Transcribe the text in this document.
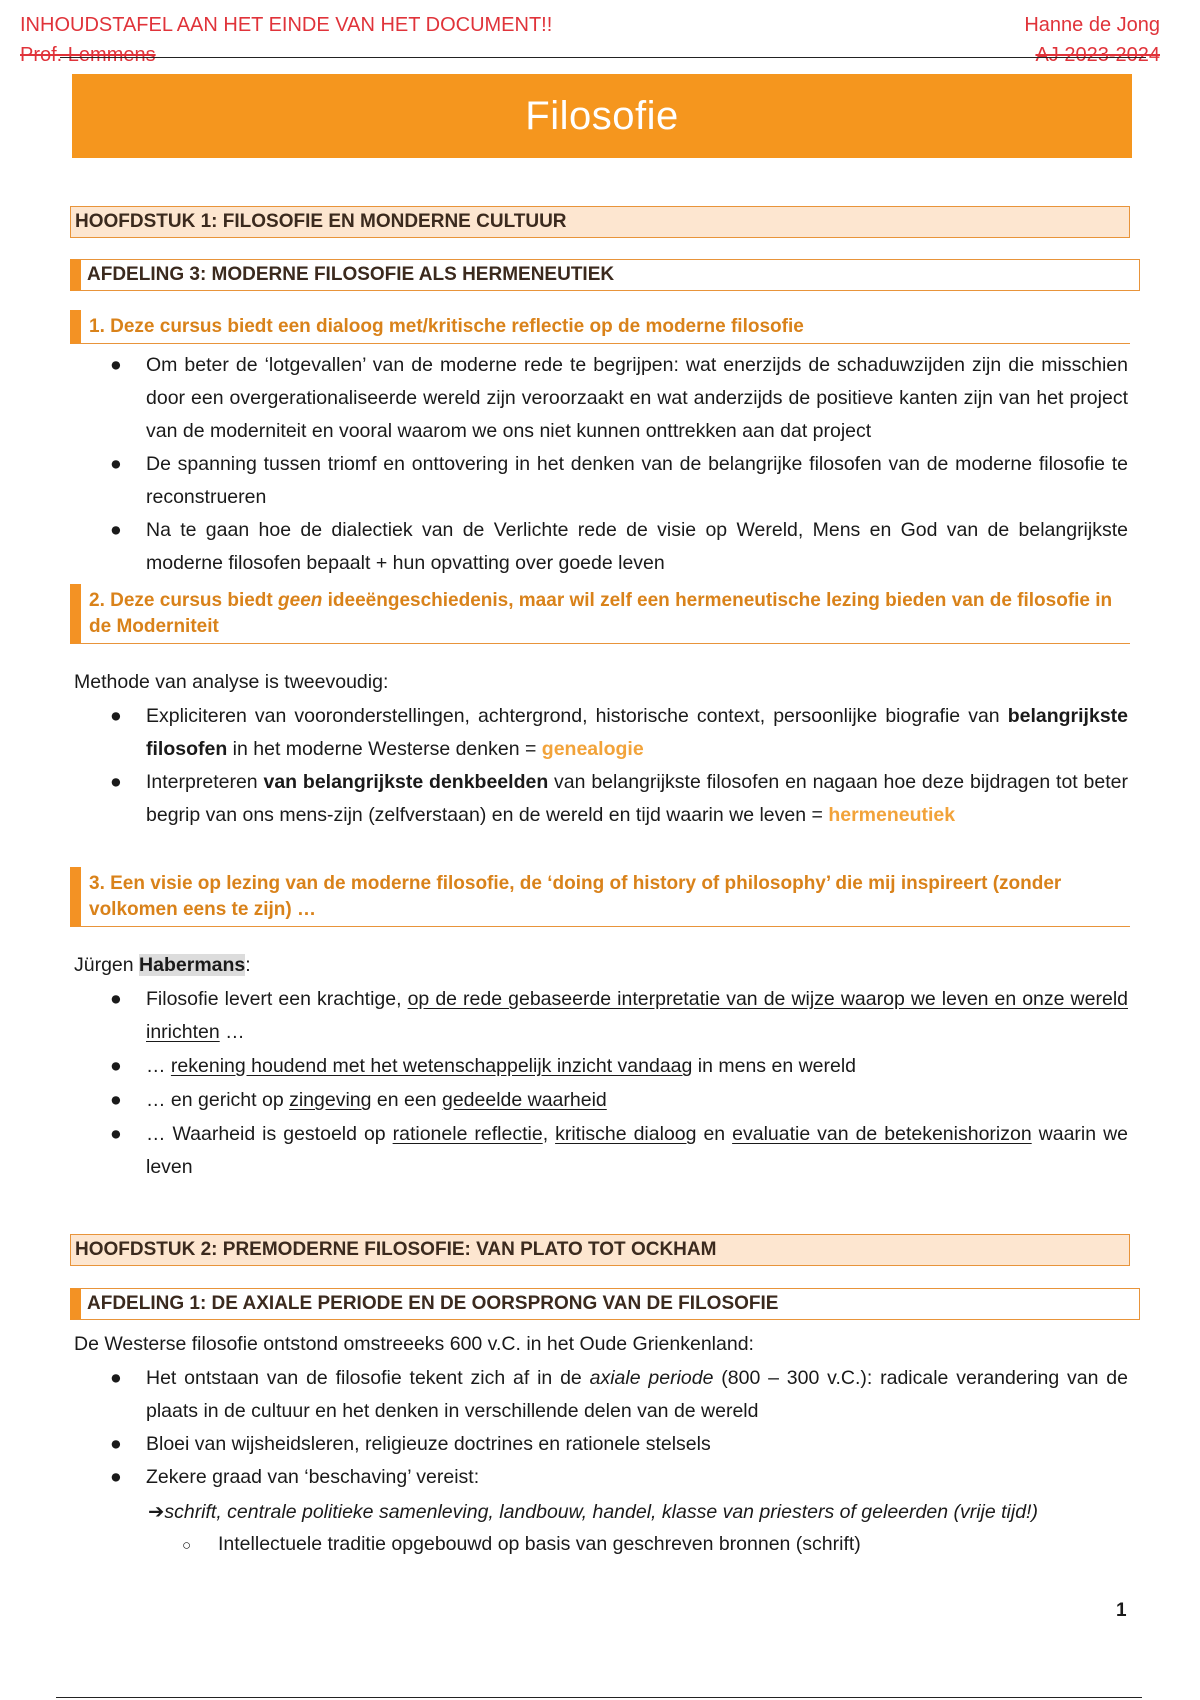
INHOUDSTAFEL AAN HET EINDE VAN HET DOCUMENT!!
Prof. Lemmens
Hanne de Jong
AJ 2023-2024
Filosofie
HOOFDSTUK 1: FILOSOFIE EN MONDERNE CULTUUR
AFDELING 3: MODERNE FILOSOFIE ALS HERMENEUTIEK
1. Deze cursus biedt een dialoog met/kritische reflectie op de moderne filosofie
● Om beter de ‘lotgevallen’ van de moderne rede te begrijpen: wat enerzijds de schaduwzijden zijn die misschien door een overgerationaliseerde wereld zijn veroorzaakt en wat anderzijds de positieve kanten zijn van het project van de moderniteit en vooral waarom we ons niet kunnen onttrekken aan dat project
● De spanning tussen triomf en onttovering in het denken van de belangrijke filosofen van de moderne filosofie te reconstrueren
● Na te gaan hoe de dialectiek van de Verlichte rede de visie op Wereld, Mens en God van de belangrijkste moderne filosofen bepaalt + hun opvatting over goede leven
2. Deze cursus biedt geen ideeëngeschiedenis, maar wil zelf een hermeneutische lezing bieden van de filosofie in de Moderniteit
Methode van analyse is tweevoudig:
● Expliciteren van vooronderstellingen, achtergrond, historische context, persoonlijke biografie van belangrijkste filosofen in het moderne Westerse denken = genealogie
● Interpreteren van belangrijkste denkbeelden van belangrijkste filosofen en nagaan hoe deze bijdragen tot beter begrip van ons mens-zijn (zelfverstaan) en de wereld en tijd waarin we leven = hermeneutiek
3. Een visie op lezing van de moderne filosofie, de ‘doing of history of philosophy’ die mij inspireert (zonder volkomen eens te zijn) …
Jürgen Habermans:
● Filosofie levert een krachtige, op de rede gebaseerde interpretatie van de wijze waarop we leven en onze wereld inrichten …
● … rekening houdend met het wetenschappelijk inzicht vandaag in mens en wereld
● … en gericht op zingeving en een gedeelde waarheid
● … Waarheid is gestoeld op rationele reflectie, kritische dialoog en evaluatie van de betekenishorizon waarin we leven
HOOFDSTUK 2: PREMODERNE FILOSOFIE: VAN PLATO TOT OCKHAM
AFDELING 1: DE AXIALE PERIODE EN DE OORSPRONG VAN DE FILOSOFIE
De Westerse filosofie ontstond omstreeeks 600 v.C. in het Oude Grienkenland:
● Het ontstaan van de filosofie tekent zich af in de axiale periode (800 – 300 v.C.): radicale verandering van de plaats in de cultuur en het denken in verschillende delen van de wereld
● Bloei van wijsheidsleren, religieuze doctrines en rationele stelsels
● Zekere graad van ‘beschaving’ vereist:
➔schrift, centrale politieke samenleving, landbouw, handel, klasse van priesters of geleerden (vrije tijd!)
○ Intellectuele traditie opgebouwd op basis van geschreven bronnen (schrift)
1
